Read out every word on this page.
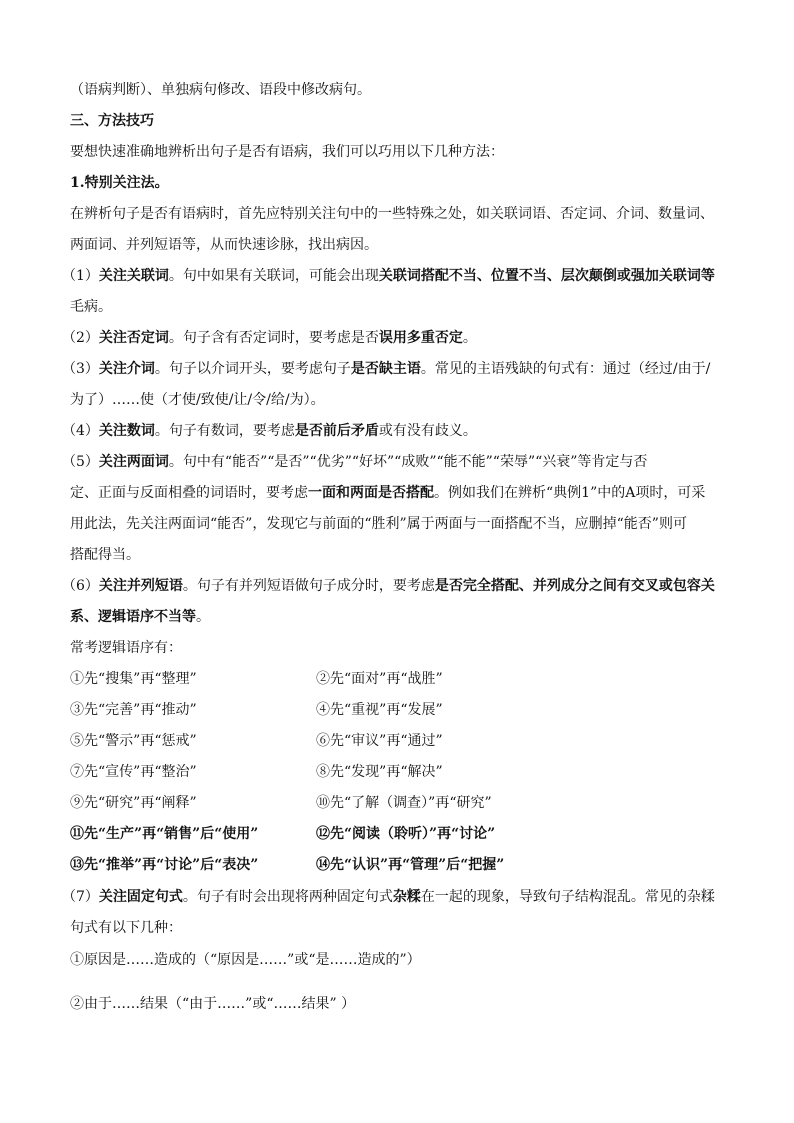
（语病判断）、单独病句修改、语段中修改病句。
三、方法技巧
要想快速准确地辨析出句子是否有语病，我们可以巧用以下几种方法：
1.特别关注法。
在辨析句子是否有语病时，首先应特别关注句中的一些特殊之处，如关联词语、否定词、介词、数量词、
两面词、并列短语等，从而快速诊脉，找出病因。
（1）关注关联词。句中如果有关联词，可能会出现关联词搭配不当、位置不当、层次颠倒或强加关联词等
毛病。
（2）关注否定词。句子含有否定词时，要考虑是否误用多重否定。
（3）关注介词。句子以介词开头，要考虑句子是否缺主语。常见的主语残缺的句式有：通过（经过/由于/
为了）……使（才使/致使/让/令/给/为）。
（4）关注数词。句子有数词，要考虑是否前后矛盾或有没有歧义。
（5）关注两面词。句中有“能否”“是否”“优劣”“好坏”“成败”“能不能”“荣辱”“兴衰”等肯定与否
定、正面与反面相叠的词语时，要考虑一面和两面是否搭配。例如我们在辨析“典例1”中的A项时，可采
用此法，先关注两面词“能否”，发现它与前面的“胜利”属于两面与一面搭配不当，应删掉“能否”则可
搭配得当。
（6）关注并列短语。句子有并列短语做句子成分时，要考虑是否完全搭配、并列成分之间有交叉或包容关
系、逻辑语序不当等。
常考逻辑语序有：
①先“搜集”再“整理”	②先“面对”再“战胜”
③先“完善”再“推动”	④先“重视”再“发展”
⑤先“警示”再“惩戒”	⑥先“审议”再“通过”
⑦先“宣传”再“整治”	⑧先“发现”再“解决”
⑨先“研究”再“阐释”	⑩先“了解（调查）”再“研究”
⑪先“生产”再“销售”后“使用”	⑫先“阅读（聆听）”再“讨论”
⑬先“推举”再“讨论”后“表决”	⑭先“认识”再“管理”后“把握”
（7）关注固定句式。句子有时会出现将两种固定句式杂糅在一起的现象，导致句子结构混乱。常见的杂糅
句式有以下几种：
①原因是……造成的（“原因是……”或“是……造成的”）
②由于……结果（“由于……”或“……结果” ）
